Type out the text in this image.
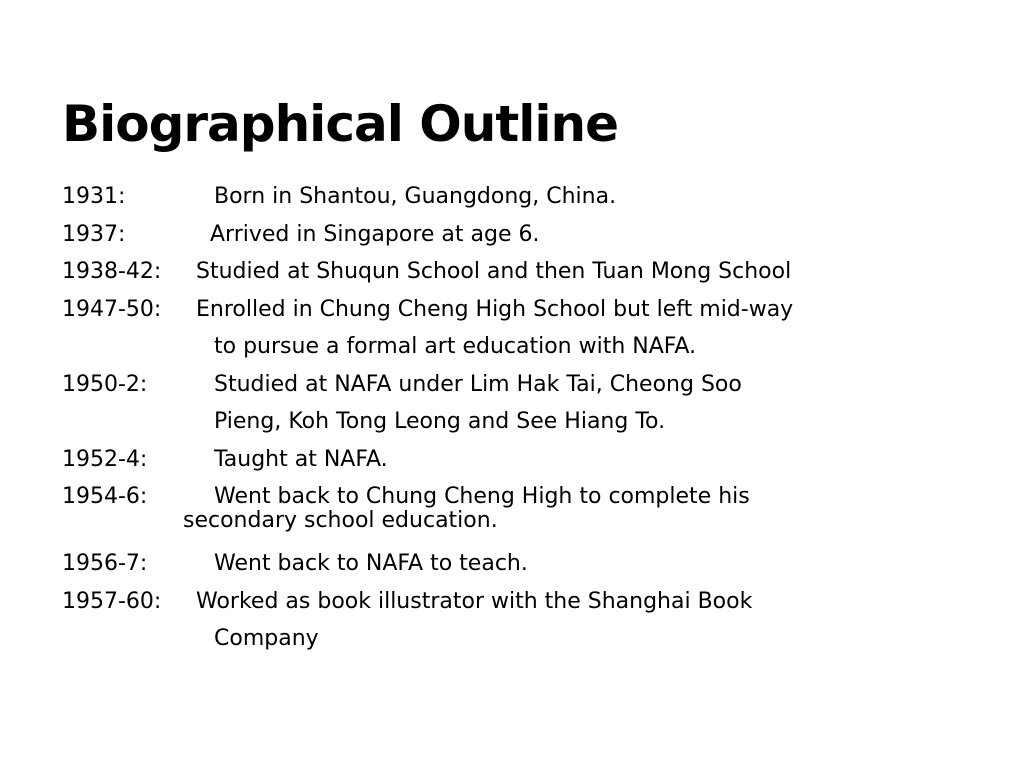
Biographical Outline
1931:	Born in Shantou, Guangdong, China.
1937:	Arrived in Singapore at age 6.
1938-42: Studied at Shuqun School and then Tuan Mong School
1947-50: Enrolled in Chung Cheng High School but left mid-way
to pursue a formal art education with NAFA.
1950-2:	Studied at NAFA under Lim Hak Tai, Cheong Soo
Pieng, Koh Tong Leong and See Hiang To.
1952-4:	Taught at NAFA.
1954-6:	Went back to Chung Cheng High to complete his
secondary school education.
1956-7:	Went back to NAFA to teach.
1957-60: Worked as book illustrator with the Shanghai Book
Company
